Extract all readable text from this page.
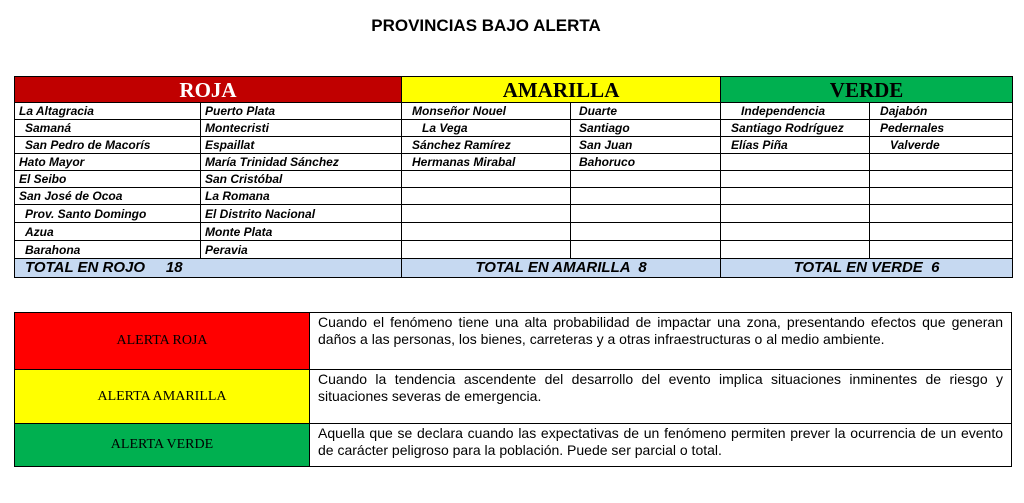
PROVINCIAS BAJO ALERTA
ROJA		AMARILLA		VERDE	
La Altagracia	Puerto Plata	Monseñor Nouel	Duarte	Independencia	Dajabón
Samaná	Montecristi	La Vega	Santiago	Santiago Rodríguez	Pedernales
San Pedro de Macorís	Espaillat	Sánchez Ramírez	San Juan	Elías Piña	Valverde
Hato Mayor	María Trinidad Sánchez	Hermanas Mirabal	Bahoruco		
El Seibo	San Cristóbal				
San José de Ocoa	La Romana				
Prov. Santo Domingo	El Distrito Nacional				
Azua	Monte Plata				
Barahona	Peravia				
TOTAL EN ROJO     18		TOTAL EN AMARILLA  8		TOTAL EN VERDE  6	
ALERTA ROJA	Cuando el fenómeno tiene una alta probabilidad de impactar una zona, presentando efectos que generan daños a las personas, los bienes, carreteras y a otras infraestructuras o al medio ambiente.
ALERTA AMARILLA	Cuando la tendencia ascendente del desarrollo del evento implica situaciones inminentes de riesgo y situaciones severas de emergencia.
ALERTA VERDE	Aquella que se declara cuando las expectativas de un fenómeno permiten prever la ocurrencia de un evento de carácter peligroso para la población. Puede ser parcial o total.
